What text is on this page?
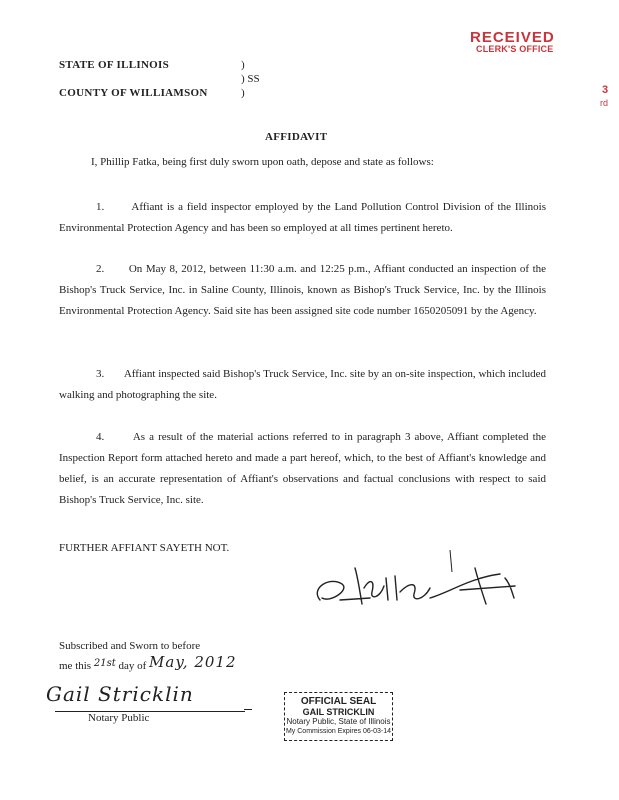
RECEIVED
CLERK'S OFFICE
3
rd
STATE OF ILLINOIS	)
) SS
COUNTY OF WILLIAMSON	)
AFFIDAVIT
I, Phillip Fatka, being first duly sworn upon oath, depose and state as follows:
1. Affiant is a field inspector employed by the Land Pollution Control Division of the Illinois Environmental Protection Agency and has been so employed at all times pertinent hereto.
2. On May 8, 2012, between 11:30 a.m. and 12:25 p.m., Affiant conducted an inspection of the Bishop's Truck Service, Inc. in Saline County, Illinois, known as Bishop's Truck Service, Inc. by the Illinois Environmental Protection Agency. Said site has been assigned site code number 1650205091 by the Agency.
3. Affiant inspected said Bishop's Truck Service, Inc. site by an on-site inspection, which included walking and photographing the site.
4.	As a result of the material actions referred to in paragraph 3 above, Affiant completed the Inspection Report form attached hereto and made a part hereof, which, to the best of Affiant's knowledge and belief, is an accurate representation of Affiant's observations and factual conclusions with respect to said Bishop's Truck Service, Inc. site.
FURTHER AFFIANT SAYETH NOT.	Phillip Fatka
Subscribed and Sworn to before
me this 21st day of May, 2012
Gail Stricklin
Notary Public
OFFICIAL SEAL
GAIL STRICKLIN
Notary Public, State of Illinois
My Commission Expires 06-03-14
